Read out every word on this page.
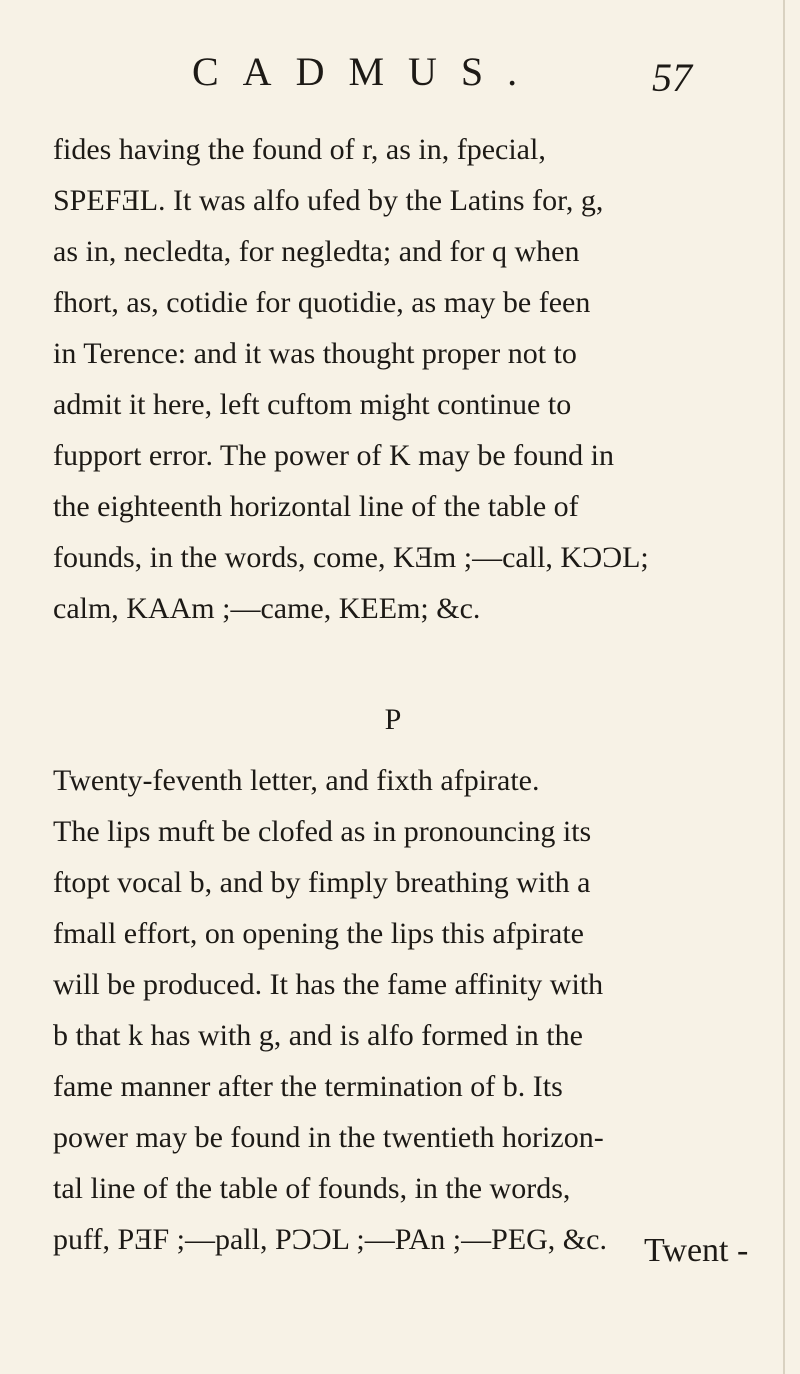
CADMUS.	57
fides having the found of r, as in, fpecial,
SPEFƎL. It was alfo ufed by the Latins for, g,
as in, necledta, for negledta; and for q when
fhort, as, cotidie for quotidie, as may be feen
in Terence: and it was thought proper not to
admit it here, left cuftom might continue to
fupport error. The power of K may be found in
the eighteenth horizontal line of the table of
founds, in the words, come, KƎm ;—call, KƆƆL;
calm, KAAm ;—came, KEEm; &c.
P
Twenty-feventh letter, and fixth afpirate.
The lips muft be clofed as in pronouncing its
ftopt vocal b, and by fimply breathing with a
fmall effort, on opening the lips this afpirate
will be produced. It has the fame affinity with
b that k has with g, and is alfo formed in the
fame manner after the termination of b. Its
power may be found in the twentieth horizon-
tal line of the table of founds, in the words,
puff, PƎF ;—pall, PƆƆL ;—PAn ;—PEG, &c.	Twent -
